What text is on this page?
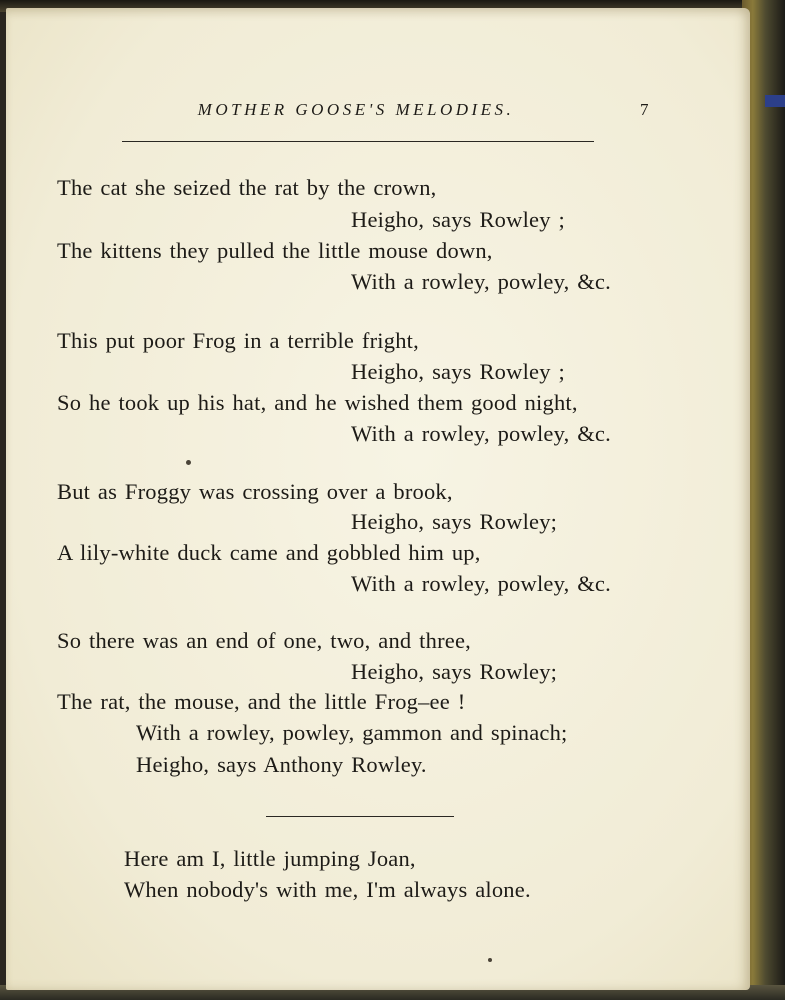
MOTHER GOOSE'S MELODIES.	7
The cat she seized the rat by the crown,
Heigho, says Rowley ;
The kittens they pulled the little mouse down,
With a rowley, powley, &c.
This put poor Frog in a terrible fright,
Heigho, says Rowley ;
So he took up his hat, and he wished them good night,
With a rowley, powley, &c.
But as Froggy was crossing over a brook,
Heigho, says Rowley;
A lily-white duck came and gobbled him up,
With a rowley, powley, &c.
So there was an end of one, two, and three,
Heigho, says Rowley;
The rat, the mouse, and the little Frog–ee !
With a rowley, powley, gammon and spinach;
Heigho, says Anthony Rowley.
Here am I, little jumping Joan,
When nobody's with me, I'm always alone.
